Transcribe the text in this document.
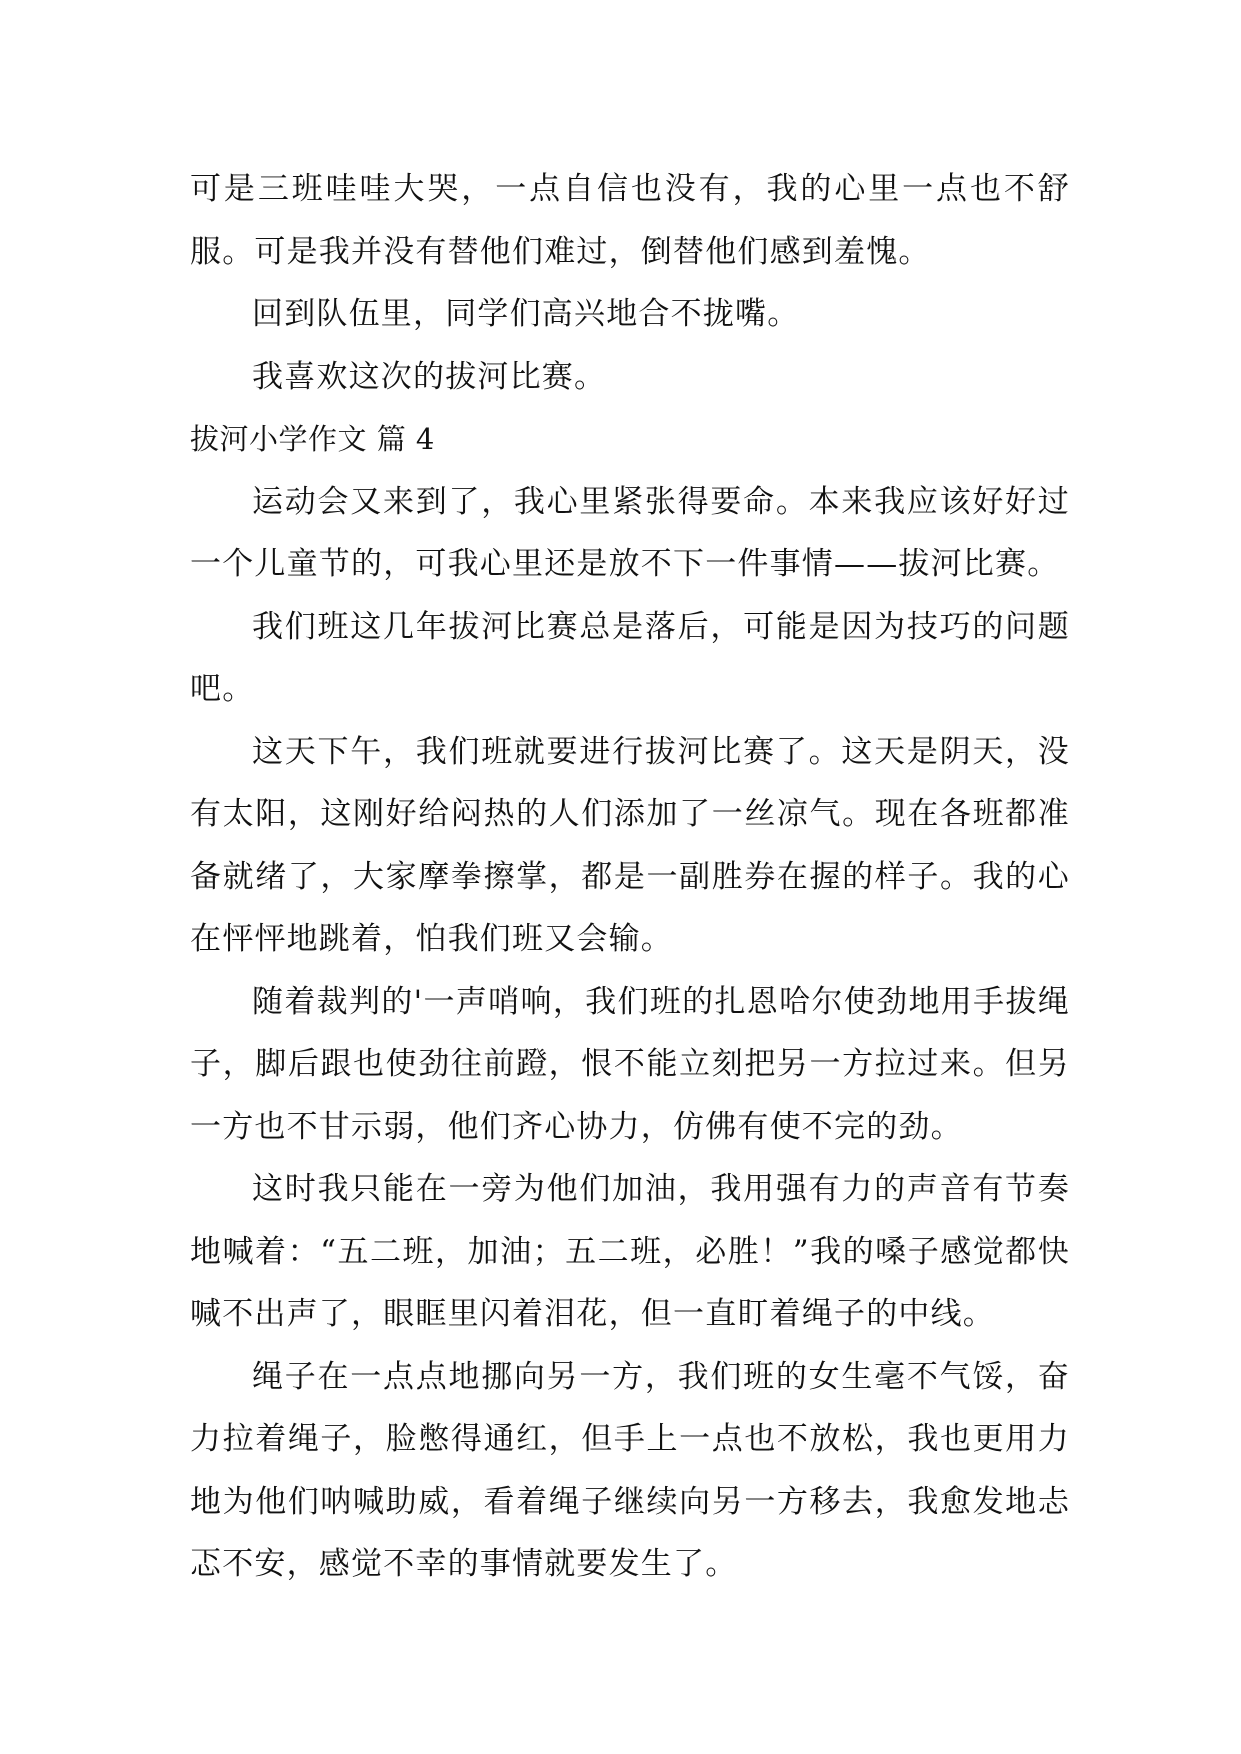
可是三班哇哇大哭，一点自信也没有，我的心里一点也不舒服。可是我并没有替他们难过，倒替他们感到羞愧。

回到队伍里，同学们高兴地合不拢嘴。

我喜欢这次的拔河比赛。

拔河小学作文 篇 4

运动会又来到了，我心里紧张得要命。本来我应该好好过一个儿童节的，可我心里还是放不下一件事情——拔河比赛。

我们班这几年拔河比赛总是落后，可能是因为技巧的问题吧。

这天下午，我们班就要进行拔河比赛了。这天是阴天，没有太阳，这刚好给闷热的人们添加了一丝凉气。现在各班都准备就绪了，大家摩拳擦掌，都是一副胜券在握的样子。我的心在怦怦地跳着，怕我们班又会输。

随着裁判的'一声哨响，我们班的扎恩哈尔使劲地用手拔绳子，脚后跟也使劲往前蹬，恨不能立刻把另一方拉过来。但另一方也不甘示弱，他们齐心协力，仿佛有使不完的劲。

这时我只能在一旁为他们加油，我用强有力的声音有节奏地喊着：“五二班，加油；五二班，必胜！”我的嗓子感觉都快喊不出声了，眼眶里闪着泪花，但一直盯着绳子的中线。

绳子在一点点地挪向另一方，我们班的女生毫不气馁，奋力拉着绳子，脸憋得通红，但手上一点也不放松，我也更用力地为他们呐喊助威，看着绳子继续向另一方移去，我愈发地忐忑不安，感觉不幸的事情就要发生了。
